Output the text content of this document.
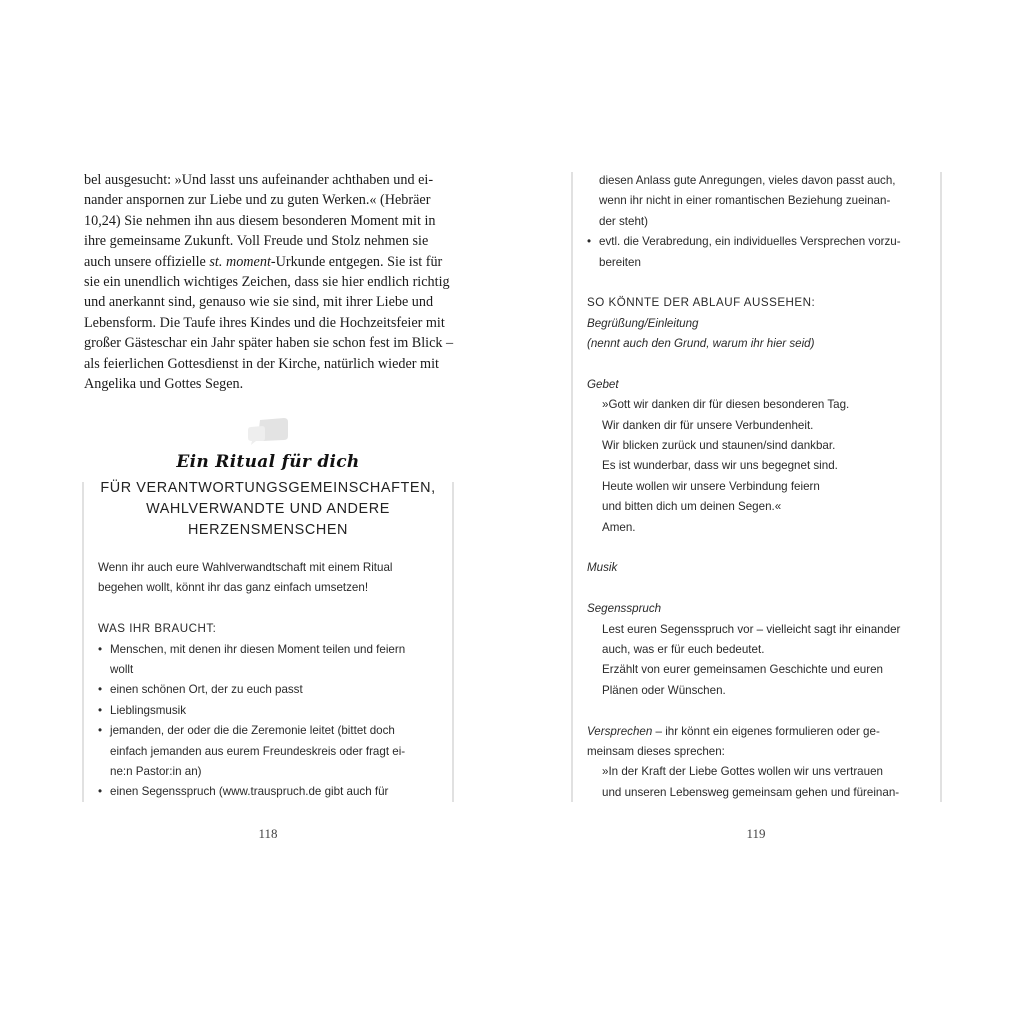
bel ausgesucht: »Und lasst uns aufeinander achthaben und ei-

nander anspornen zur Liebe und zu guten Werken.« (Hebräer

10,24) Sie nehmen ihn aus diesem besonderen Moment mit in

ihre gemeinsame Zukunft. Voll Freude und Stolz nehmen sie

auch unsere offizielle st. moment-Urkunde entgegen. Sie ist für

sie ein unendlich wichtiges Zeichen, dass sie hier endlich richtig

und anerkannt sind, genauso wie sie sind, mit ihrer Liebe und

Lebensform. Die Taufe ihres Kindes und die Hochzeitsfeier mit

großer Gästeschar ein Jahr später haben sie schon fest im Blick –

als feierlichen Gottesdienst in der Kirche, natürlich wieder mit

Angelika und Gottes Segen.

Ein Ritual für dich
FÜR VERANTWORTUNGSGEMEINSCHAFTEN,
WAHLVERWANDTE UND ANDERE
HERZENSMENSCHEN
Wenn ihr auch eure Wahlverwandtschaft mit einem Ritual
begehen wollt, könnt ihr das ganz einfach umsetzen!
WAS IHR BRAUCHT:
• Menschen, mit denen ihr diesen Moment teilen und feiern
wollt
• einen schönen Ort, der zu euch passt
• Lieblingsmusik
• jemanden, der oder die die Zeremonie leitet (bittet doch
einfach jemanden aus eurem Freundeskreis oder fragt ei-
ne:n Pastor:in an)
• einen Segensspruch (www.trauspruch.de gibt auch für
118
diesen Anlass gute Anregungen, vieles davon passt auch,
wenn ihr nicht in einer romantischen Beziehung zueinan-
der steht)
• evtl. die Verabredung, ein individuelles Versprechen vorzu-
bereiten
SO KÖNNTE DER ABLAUF AUSSEHEN:
Begrüßung/Einleitung
(nennt auch den Grund, warum ihr hier seid)
Gebet
»Gott wir danken dir für diesen besonderen Tag.
Wir danken dir für unsere Verbundenheit.
Wir blicken zurück und staunen/sind dankbar.
Es ist wunderbar, dass wir uns begegnet sind.
Heute wollen wir unsere Verbindung feiern
und bitten dich um deinen Segen.«
Amen.
Musik
Segensspruch
Lest euren Segensspruch vor – vielleicht sagt ihr einander
auch, was er für euch bedeutet.
Erzählt von eurer gemeinsamen Geschichte und euren
Plänen oder Wünschen.
Versprechen – ihr könnt ein eigenes formulieren oder ge-
meinsam dieses sprechen:
»In der Kraft der Liebe Gottes wollen wir uns vertrauen
und unseren Lebensweg gemeinsam gehen und füreinan-
119
